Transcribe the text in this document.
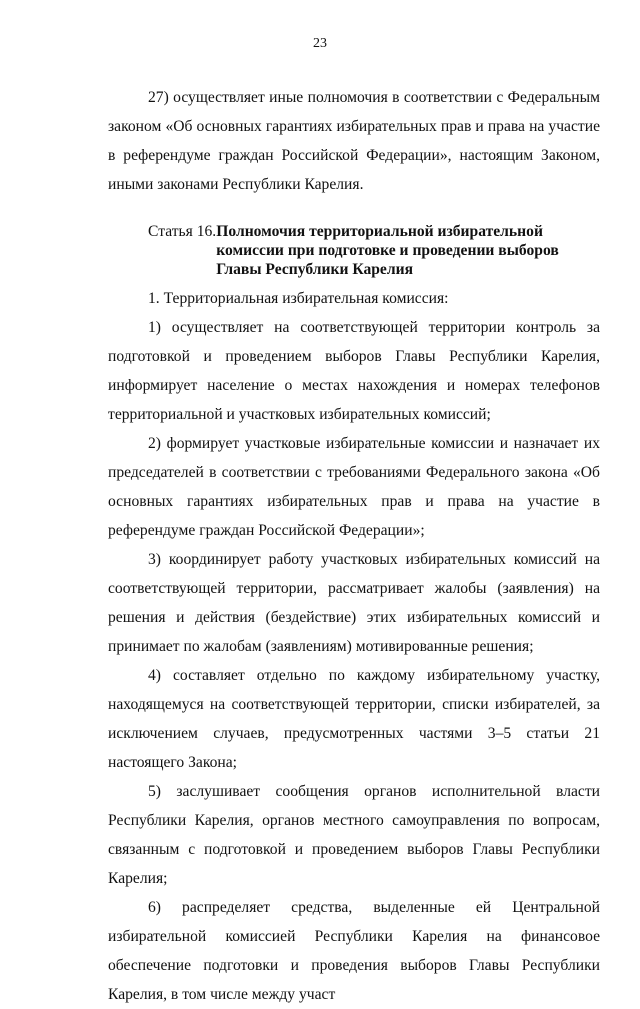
23

27) осуществляет иные полномочия в соответствии с Федеральным законом «Об основных гарантиях избирательных прав и права на участие в референдуме граждан Российской Федерации», настоящим Законом, иными законами Республики Карелия.

Статья 16. Полномочия территориальной избирательной комиссии при подготовке и проведении выборов Главы Республики Карелия

1. Территориальная избирательная комиссия:

1) осуществляет на соответствующей территории контроль за подготовкой и проведением выборов Главы Республики Карелия, информирует население о местах нахождения и номерах телефонов территориальной и участковых избирательных комиссий;

2) формирует участковые избирательные комиссии и назначает их председателей в соответствии с требованиями Федерального закона «Об основных гарантиях избирательных прав и права на участие в референдуме граждан Российской Федерации»;

3) координирует работу участковых избирательных комиссий на соответствующей территории, рассматривает жалобы (заявления) на решения и действия (бездействие) этих избирательных комиссий и принимает по жалобам (заявлениям) мотивированные решения;

4) составляет отдельно по каждому избирательному участку, находящемуся на соответствующей территории, списки избирателей, за исключением случаев, предусмотренных частями 3–5 статьи 21 настоящего Закона;

5) заслушивает сообщения органов исполнительной власти Республики Карелия, органов местного самоуправления по вопросам, связанным с подготовкой и проведением выборов Главы Республики Карелия;

6) распределяет средства, выделенные ей Центральной избирательной комиссией Республики Карелия на финансовое обеспечение подготовки и проведения выборов Главы Республики Карелия, в том числе между участ
